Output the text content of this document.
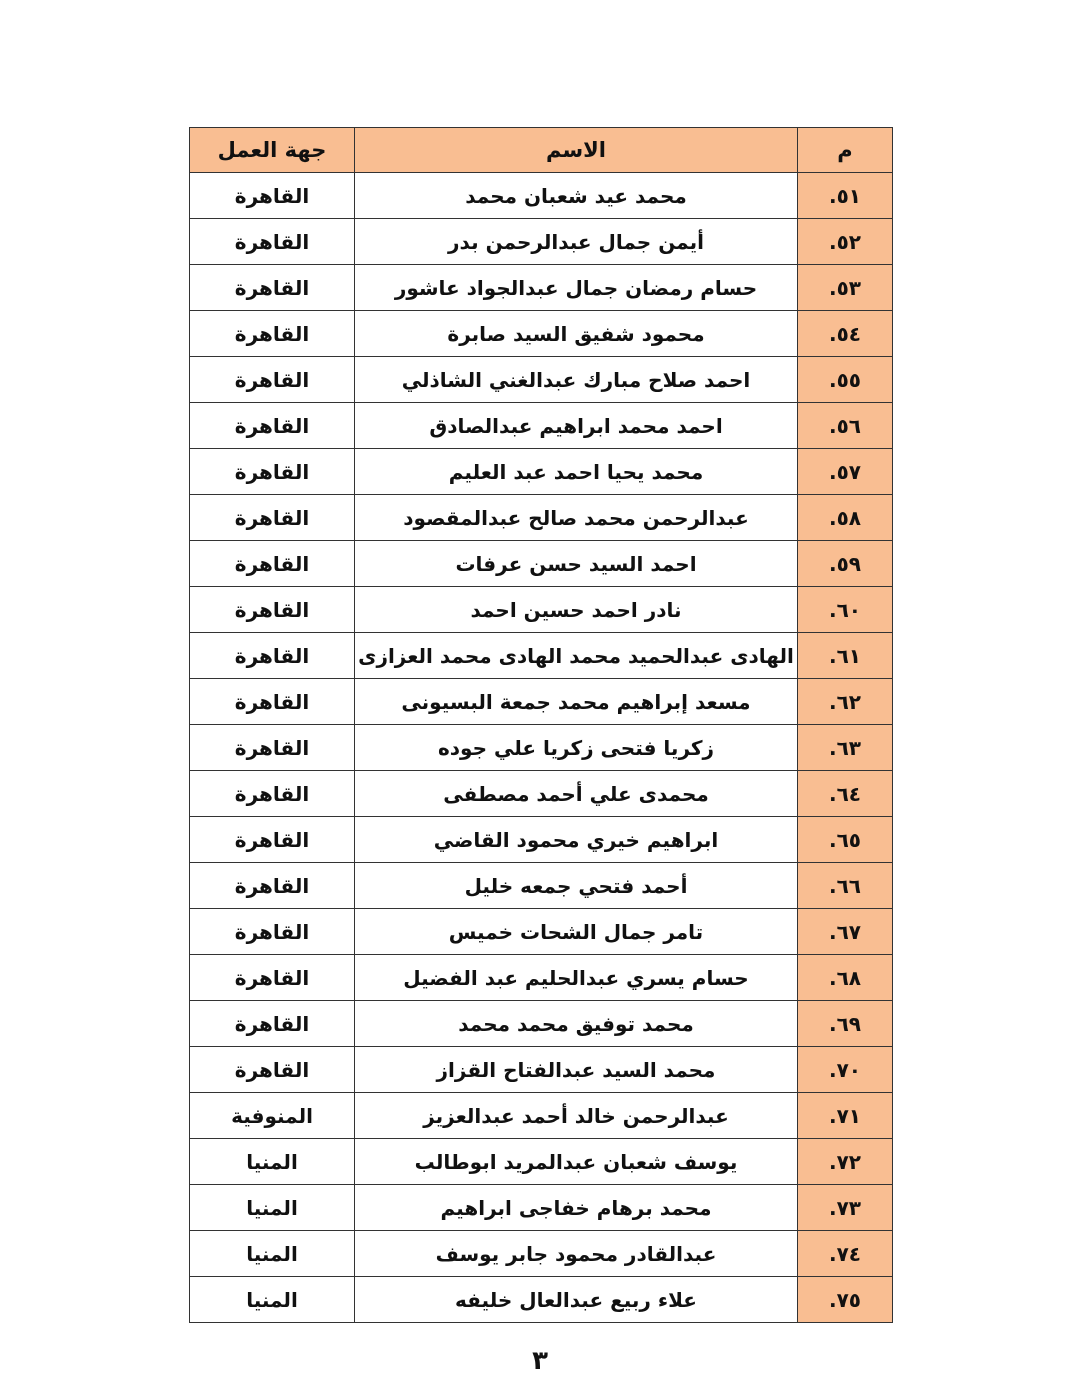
م	الاسم	جهة العمل
٥١.	محمد عيد شعبان محمد	القاهرة
٥٢.	أيمن جمال عبدالرحمن بدر	القاهرة
٥٣.	حسام رمضان جمال عبدالجواد عاشور	القاهرة
٥٤.	محمود شفيق السيد صابرة	القاهرة
٥٥.	احمد صلاح مبارك عبدالغني الشاذلي	القاهرة
٥٦.	احمد محمد ابراهيم عبدالصادق	القاهرة
٥٧.	محمد يحيا احمد عبد العليم	القاهرة
٥٨.	عبدالرحمن محمد صالح عبدالمقصود	القاهرة
٥٩.	احمد السيد حسن عرفات	القاهرة
٦٠.	نادر احمد حسين احمد	القاهرة
٦١.	الهادى عبدالحميد محمد الهادى محمد العزازى	القاهرة
٦٢.	مسعد إبراهيم محمد جمعة البسيونى	القاهرة
٦٣.	زكريا فتحى زكريا علي جوده	القاهرة
٦٤.	محمدى علي أحمد مصطفى	القاهرة
٦٥.	ابراهيم خيري محمود القاضي	القاهرة
٦٦.	أحمد فتحي جمعه خليل	القاهرة
٦٧.	تامر جمال الشحات خميس	القاهرة
٦٨.	حسام يسري عبدالحليم عبد الفضيل	القاهرة
٦٩.	محمد توفيق محمد محمد	القاهرة
٧٠.	محمد السيد عبدالفتاح القزاز	القاهرة
٧١.	عبدالرحمن خالد أحمد عبدالعزيز	المنوفية
٧٢.	يوسف شعبان عبدالمريد ابوطالب	المنيا
٧٣.	محمد برهام خفاجى ابراهيم	المنيا
٧٤.	عبدالقادر محمود جابر يوسف	المنيا
٧٥.	علاء ربيع عبدالعال خليفه	المنيا
٣
